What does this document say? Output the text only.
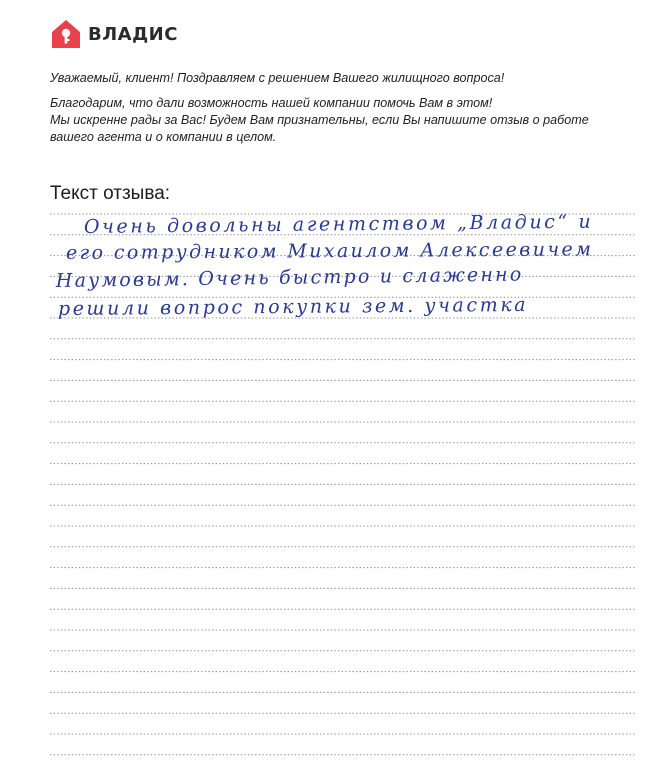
ВЛАДИС

Уважаемый, клиент! Поздравляем с решением Вашего жилищного вопроса!

Благодарим, что дали возможность нашей компании помочь Вам в этом!
Мы искренне рады за Вас! Будем Вам признательны, если Вы напишите отзыв о работе
вашего агента и о компании в целом.

Текст отзыва:
Очень довольны агентством „Владис“ и
его сотрудником Михаилом Алексеевичем
Наумовым. Очень быстро и слаженно
решили вопрос покупки зем. участка
